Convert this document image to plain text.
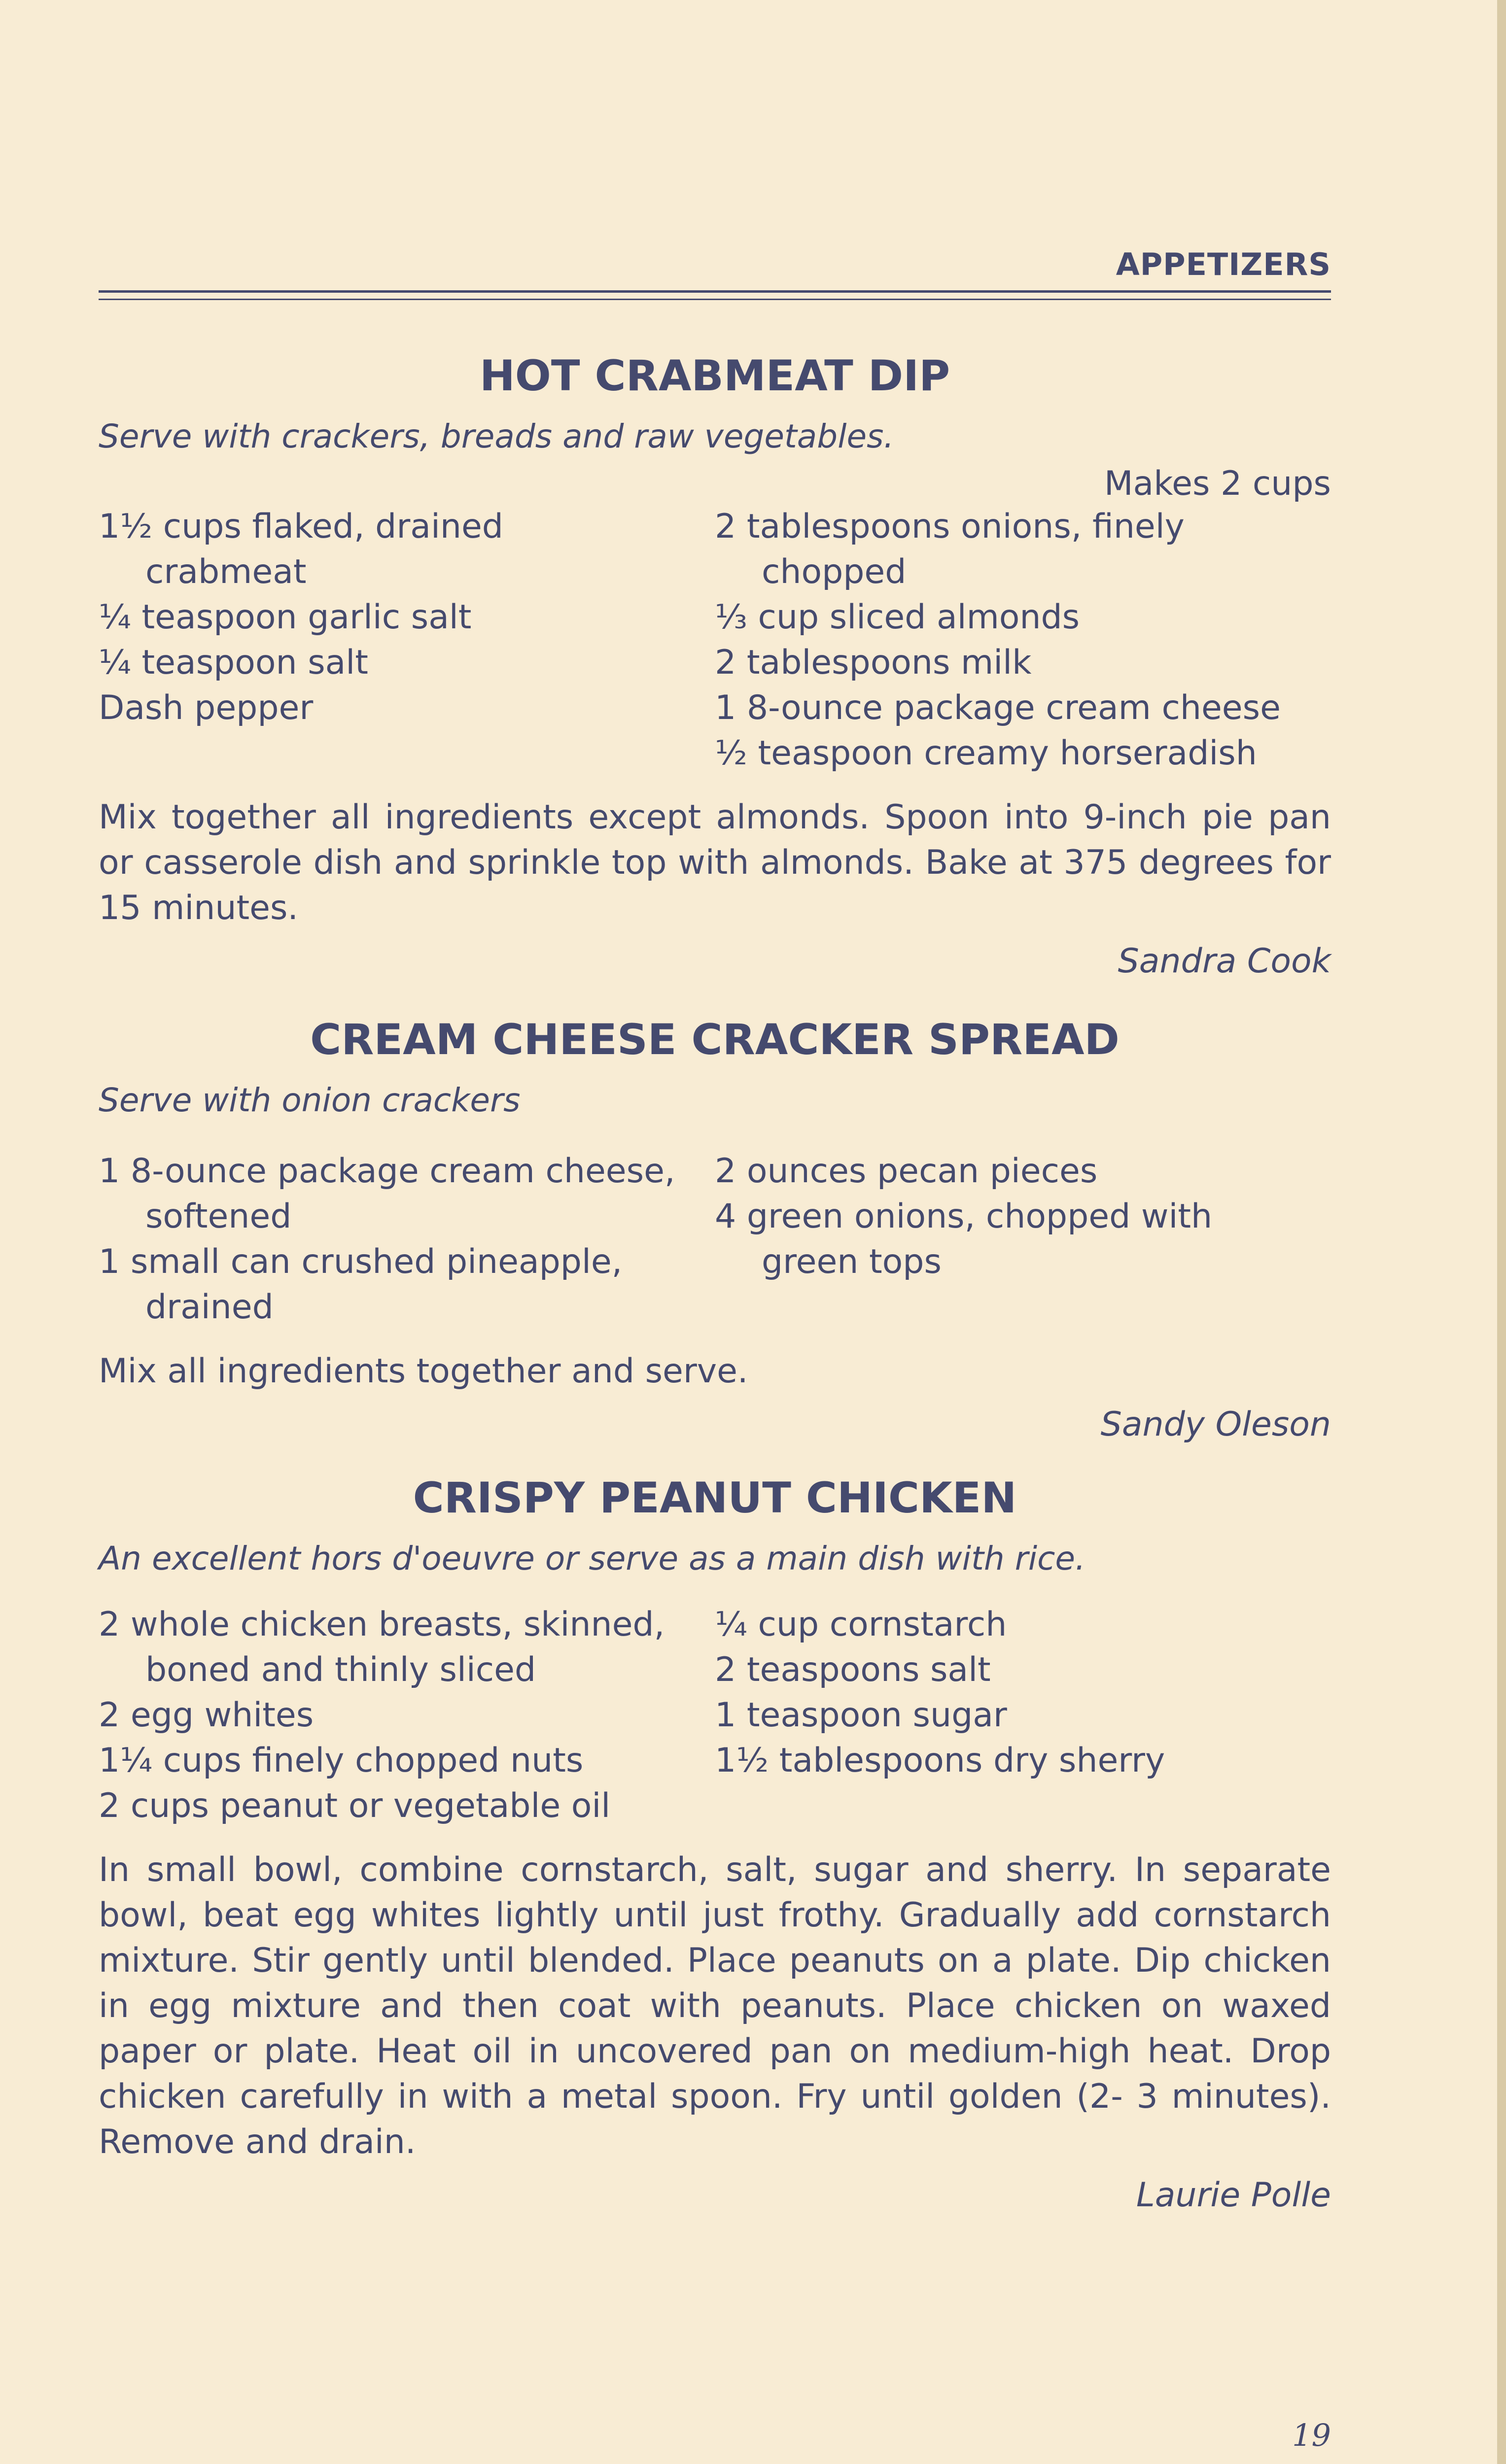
APPETIZERS
HOT CRABMEAT DIP
Serve with crackers, breads and raw vegetables.
Makes 2 cups
1½ cups flaked, drained crabmeat
¼ teaspoon garlic salt
¼ teaspoon salt
Dash pepper
2 tablespoons onions, finely chopped
⅓ cup sliced almonds
2 tablespoons milk
1 8-ounce package cream cheese
½ teaspoon creamy horseradish
Mix together all ingredients except almonds. Spoon into 9-inch pie pan or casserole dish and sprinkle top with almonds. Bake at 375 degrees for 15 minutes.
Sandra Cook
CREAM CHEESE CRACKER SPREAD
Serve with onion crackers
1 8-ounce package cream cheese, softened
1 small can crushed pineapple, drained
2 ounces pecan pieces
4 green onions, chopped with green tops
Mix all ingredients together and serve.
Sandy Oleson
CRISPY PEANUT CHICKEN
An excellent hors d'oeuvre or serve as a main dish with rice.
2 whole chicken breasts, skinned, boned and thinly sliced
2 egg whites
1¼ cups finely chopped nuts
2 cups peanut or vegetable oil
¼ cup cornstarch
2 teaspoons salt
1 teaspoon sugar
1½ tablespoons dry sherry
In small bowl, combine cornstarch, salt, sugar and sherry. In separate bowl, beat egg whites lightly until just frothy. Gradually add cornstarch mixture. Stir gently until blended. Place peanuts on a plate. Dip chicken in egg mixture and then coat with peanuts. Place chicken on waxed paper or plate. Heat oil in uncovered pan on medium-high heat. Drop chicken carefully in with a metal spoon. Fry until golden (2- 3 minutes). Remove and drain.
Laurie Polle
19
